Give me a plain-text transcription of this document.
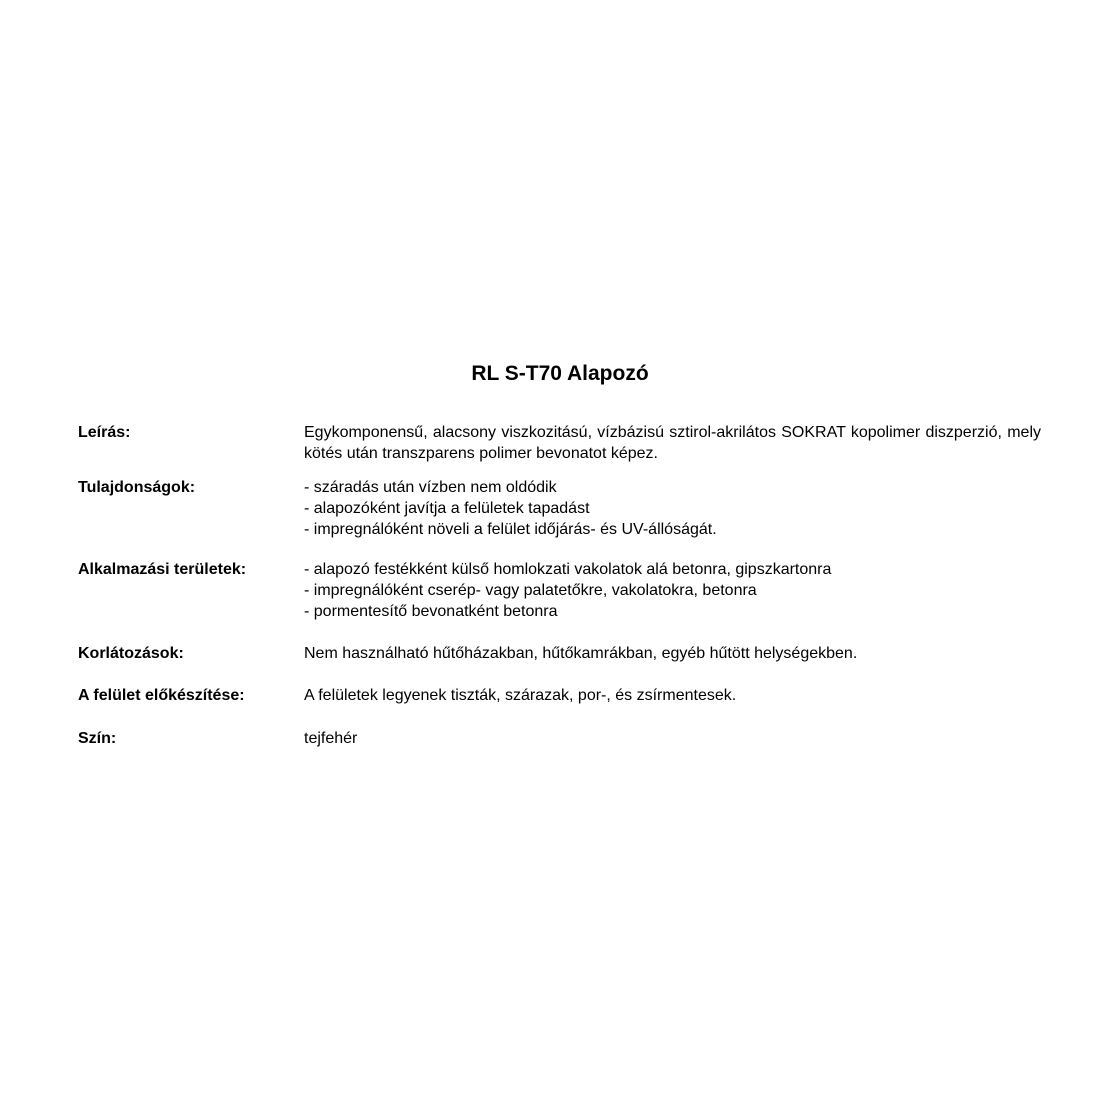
RL S-T70 Alapozó
Leírás:	Egykomponensű, alacsony viszkozitású, vízbázisú sztirol-akrilátos SOKRAT kopolimer diszperzió, mely kötés után transzparens polimer bevonatot képez.
Tulajdonságok:	- száradás után vízben nem oldódik
- alapozóként javítja a felületek tapadást
- impregnálóként növeli a felület időjárás- és UV-állóságát.
Alkalmazási területek:	- alapozó festékként külső homlokzati vakolatok alá betonra, gipszkartonra
- impregnálóként cserép- vagy palatetőkre, vakolatokra, betonra
- pormentesítő bevonatként betonra
Korlátozások:	Nem használható hűtőházakban, hűtőkamrákban, egyéb hűtött helységekben.
A felület előkészítése:	A felületek legyenek tiszták, szárazak, por-, és zsírmentesek.
Szín:	tejfehér
